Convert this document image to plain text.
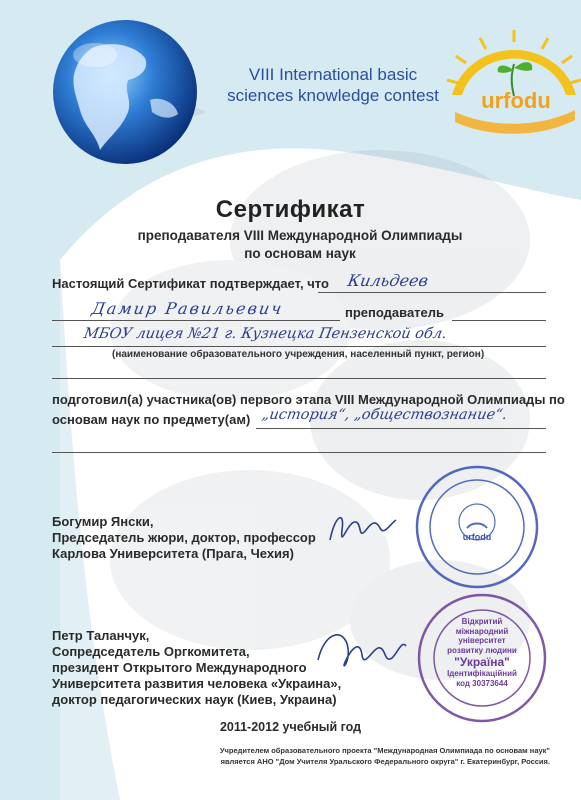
VIII International basic
sciences knowledge contest	urfodu
Сертификат
преподавателя VIII Международной Олимпиады
по основам наук
Настоящий Сертификат подтверждает, что Кильдеев
Дамир Равильевич	преподаватель
МБОУ лицея №21 г. Кузнецка Пензенской обл.
(наименование образовательного учреждения, населенный пункт, регион)
подготовил(а) участника(ов) первого этапа VIII Международной Олимпиады по
основам наук по предмету(ам) „история“, „обществознание“.
Богумир Янски,
Председатель жюри, доктор, профессор
Карлова Университета (Прага, Чехия)
urfodu
Петр Таланчук,
Сопредседатель Оргкомитета,
президент Открытого Международного
Университета развития человека «Украина»,
доктор педагогических наук (Киев, Украина)
Відкритий
міжнародний
університет
розвитку людини
"Україна"
Ідентифікаційний
код 30373644
2011-2012 учебный год
Учредителем образовательного проекта "Международная Олимпиада по основам наук"
является АНО "Дом Учителя Уральского Федерального округа" г. Екатеринбург, Россия.
